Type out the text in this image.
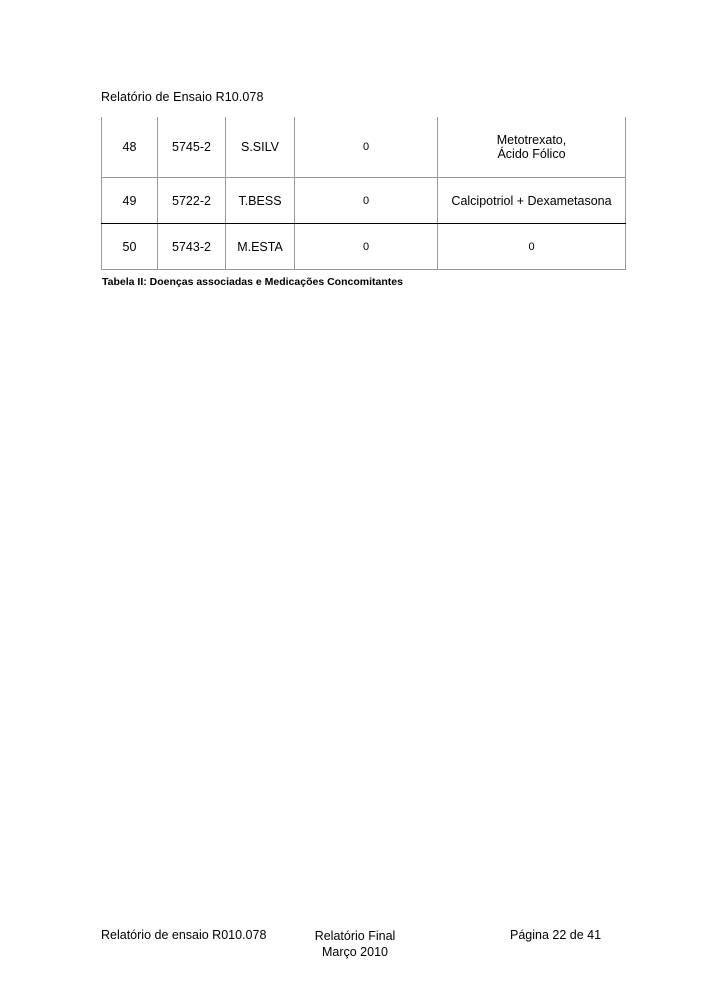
Relatório de Ensaio R10.078
48	5745-2	S.SILV	0	Metotrexato,
Ácido Fólico

49	5722-2	T.BESS	0	Calcipotriol + Dexametasona
50	5743-2	M.ESTA	0	0
Tabela II: Doenças associadas e Medicações Concomitantes
Relatório de ensaio R010.078	Relatório Final
Março 2010
Página 22 de 41
